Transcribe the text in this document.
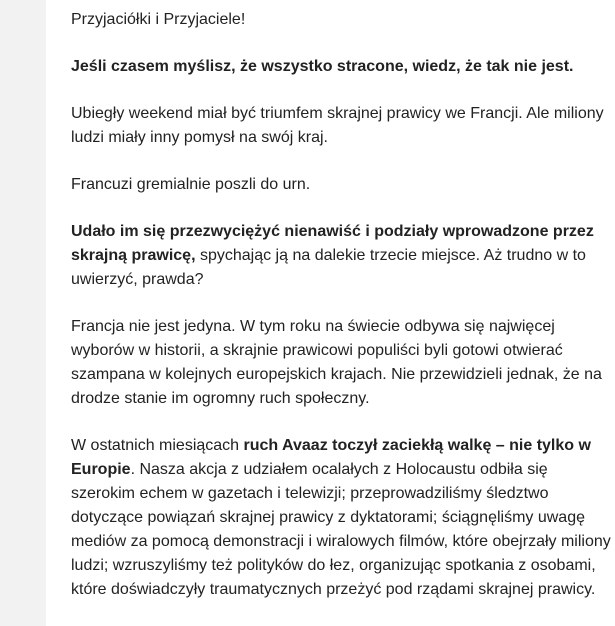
Przyjaciółki i Przyjaciele!

Jeśli czasem myślisz, że wszystko stracone, wiedz, że tak nie jest.

Ubiegły weekend miał być triumfem skrajnej prawicy we Francji. Ale miliony ludzi miały inny pomysł na swój kraj.

Francuzi gremialnie poszli do urn.

Udało im się przezwyciężyć nienawiść i podziały wprowadzone przez skrajną prawicę, spychając ją na dalekie trzecie miejsce. Aż trudno w to uwierzyć, prawda?

Francja nie jest jedyna. W tym roku na świecie odbywa się najwięcej wyborów w historii, a skrajnie prawicowi populiści byli gotowi otwierać szampana w kolejnych europejskich krajach. Nie przewidzieli jednak, że na drodze stanie im ogromny ruch społeczny.

W ostatnich miesiącach ruch Avaaz toczył zaciekłą walkę – nie tylko w Europie. Nasza akcja z udziałem ocalałych z Holocaustu odbiła się szerokim echem w gazetach i telewizji; przeprowadziliśmy śledztwo dotyczące powiązań skrajnej prawicy z dyktatorami; ściągnęliśmy uwagę mediów za pomocą demonstracji i wiralowych filmów, które obejrzały miliony ludzi; wzruszyliśmy też polityków do łez, organizując spotkania z osobami, które doświadczyły traumatycznych przeżyć pod rządami skrajnej prawicy.
